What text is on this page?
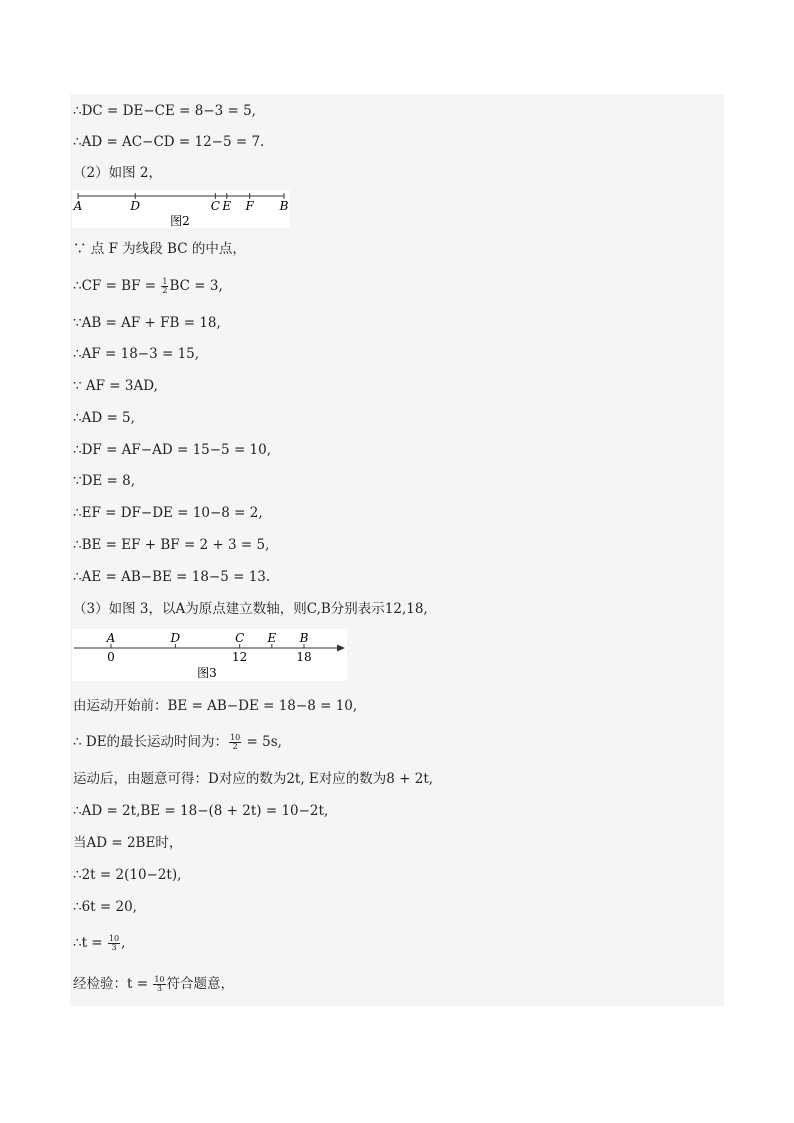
∴DC = DE−CE = 8−3 = 5,
∴AD = AC−CD = 12−5 = 7.
（2）如图 2，
A	D	C E F B
图2
∵ 点 F 为线段 BC 的中点，
∴CF = BF = $\frac{1}{2}$ BC = 3,
∵AB = AF + FB = 18,
∴AF = 18−3 = 15,
∵ AF = 3AD,
∴AD = 5,
∴DF = AF−AD = 15−5 = 10,
∵DE = 8,
∴EF = DF−DE = 10−8 = 2,
∴BE = EF + BF = 2 + 3 = 5,
∴AE = AB−BE = 18−5 = 13.
（3）如图 3，以A为原点建立数轴，则C,B分别表示12,18,
A
0
D	C
12
E B
18
图3
由运动开始前：BE = AB−DE = 18−8 = 10,
∴ DE的最长运动时间为： $\frac{10}{2} = 5s$,
运动后，由题意可得：D对应的数为2t, E对应的数为8 + 2t,
∴AD = 2t,BE = 18−(8 + 2t) = 10−2t,
当AD = 2BE时，
∴2t = 2(10−2t),
∴6t = 20,
∴t = $\frac{10}{3}$ ,
经检验：$t = \frac{10}{3}$ 符合题意，
